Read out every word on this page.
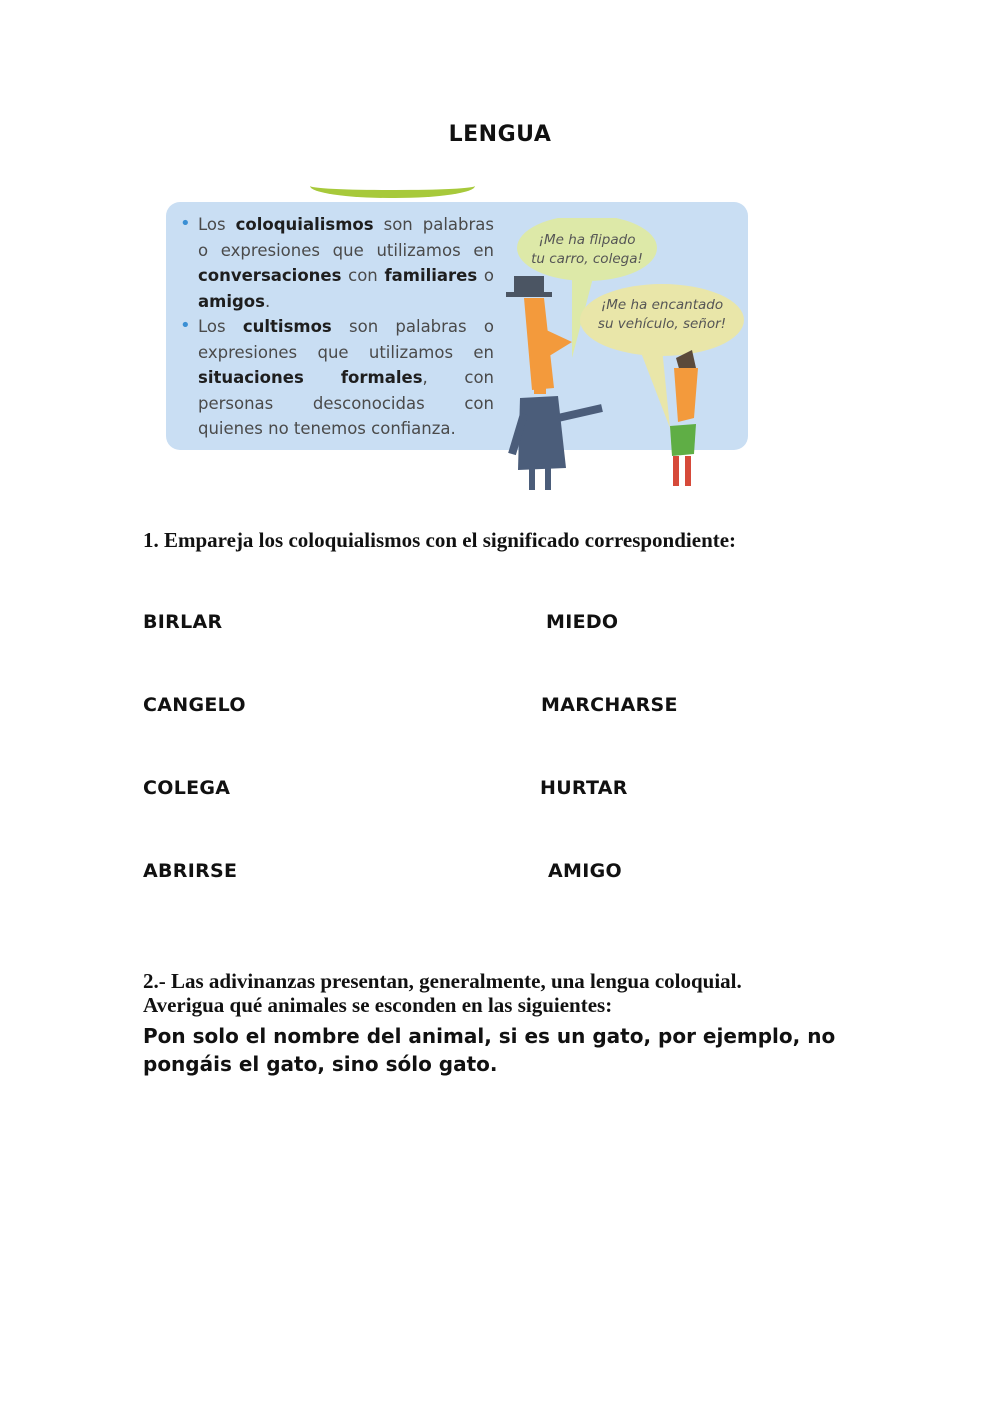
LENGUA
• Los coloquialismos son palabras o expresiones que utilizamos en conversaciones con familiares o amigos.
• Los cultismos son palabras o expresiones que utilizamos en situaciones formales, con personas desconocidas con quienes no tenemos confianza.
¡Me ha flipado
tu carro, colega!
¡Me ha encantado
su vehículo, señor!
1. Empareja los coloquialismos con el significado correspondiente:
BIRLAR
CANGELO
COLEGA
ABRIRSE
MIEDO
MARCHARSE
HURTAR
AMIGO
2.- Las adivinanzas presentan, generalmente, una lengua coloquial.
Averigua qué animales se esconden en las siguientes:
Pon solo el nombre del animal, si es un gato, por ejemplo, no pongáis el gato, sino sólo gato.
